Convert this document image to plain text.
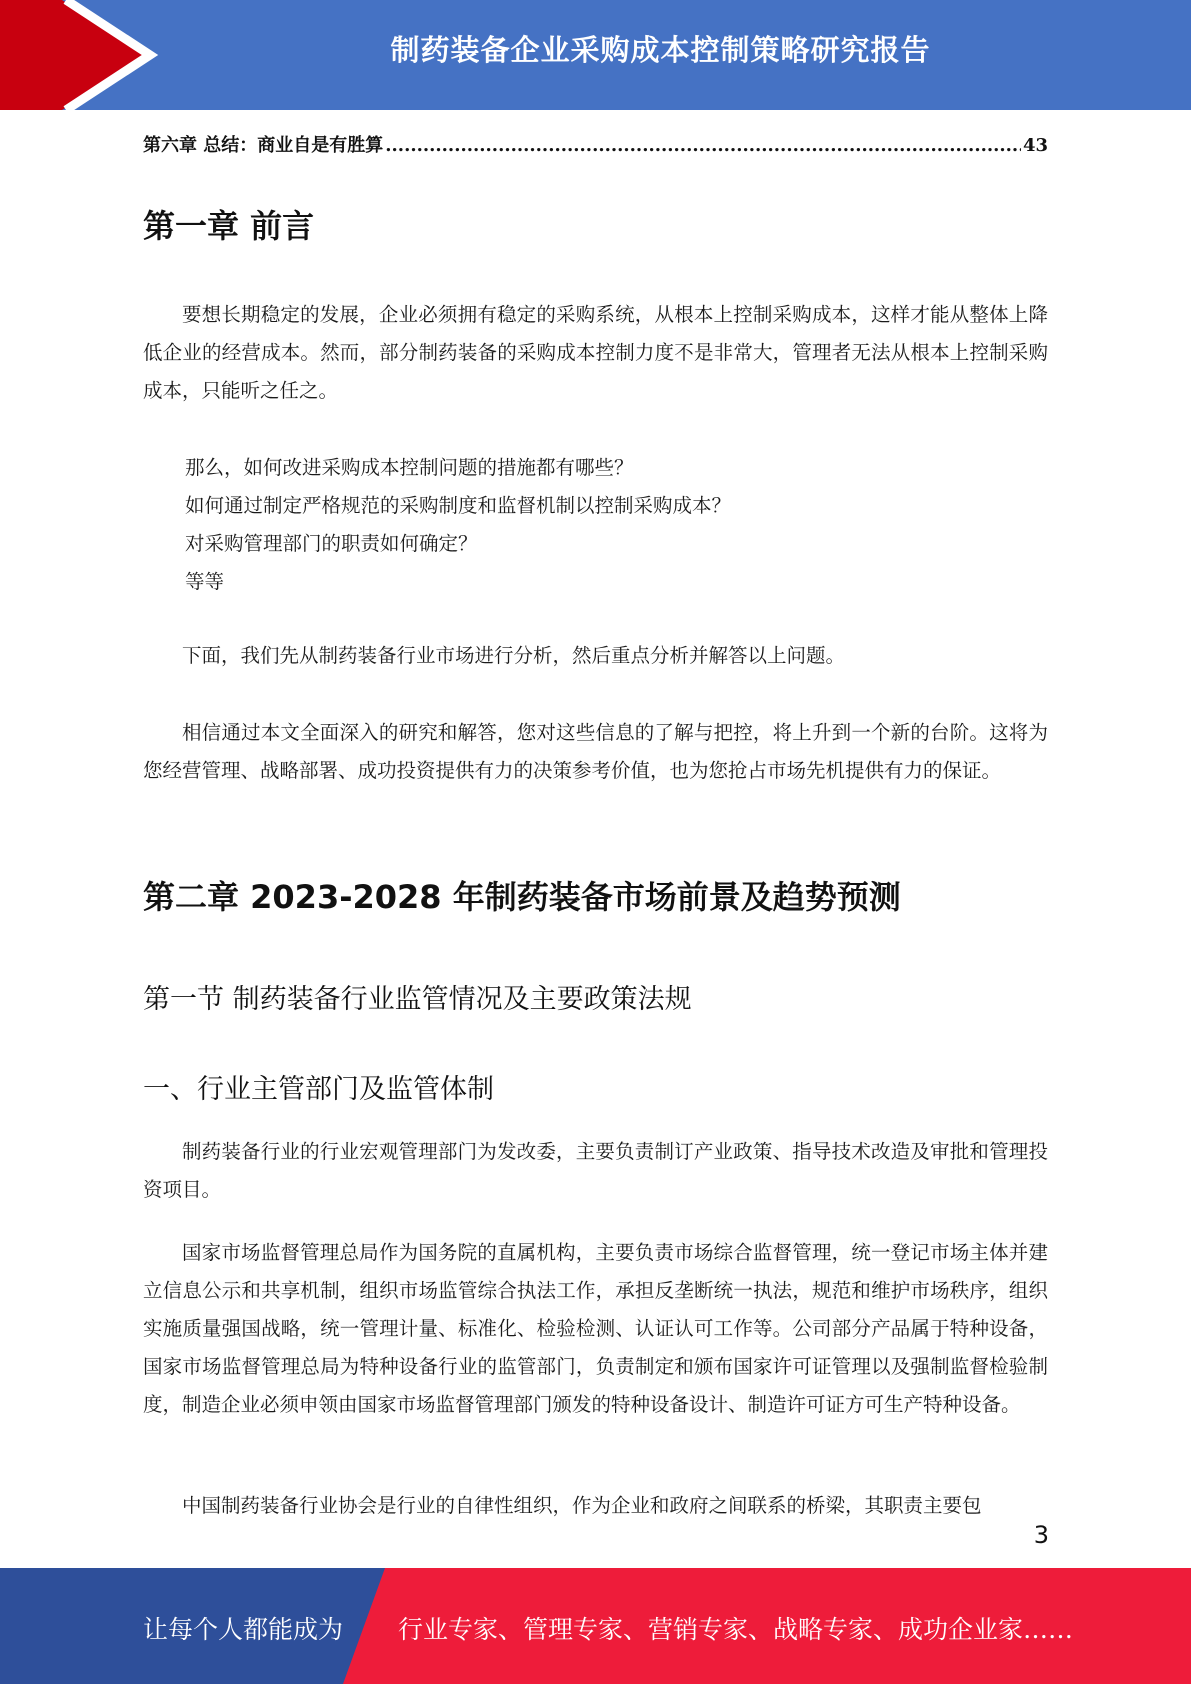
制药装备企业采购成本控制策略研究报告
第六章 总结：商业自是有胜算
.....	43
第一章 前言

要想长期稳定的发展，企业必须拥有稳定的采购系统，从根本上控制采购成本，这样才能从整体上降低企业的经营成本。然而，部分制药装备的采购成本控制力度不是非常大，管理者无法从根本上控制采购成本，只能听之任之。

那么，如何改进采购成本控制问题的措施都有哪些？
如何通过制定严格规范的采购制度和监督机制以控制采购成本？
对采购管理部门的职责如何确定？
等等

下面，我们先从制药装备行业市场进行分析，然后重点分析并解答以上问题。

相信通过本文全面深入的研究和解答，您对这些信息的了解与把控，将上升到一个新的台阶。这将为您经营管理、战略部署、成功投资提供有力的决策参考价值，也为您抢占市场先机提供有力的保证。

第二章 2023-2028 年制药装备市场前景及趋势预测
第一节 制药装备行业监管情况及主要政策法规
一、行业主管部门及监管体制

制药装备行业的行业宏观管理部门为发改委，主要负责制订产业政策、指导技术改造及审批和管理投资项目。

国家市场监督管理总局作为国务院的直属机构，主要负责市场综合监督管理，统一登记市场主体并建立信息公示和共享机制，组织市场监管综合执法工作，承担反垄断统一执法，规范和维护市场秩序，组织实施质量强国战略，统一管理计量、标准化、检验检测、认证认可工作等。公司部分产品属于特种设备，国家市场监督管理总局为特种设备行业的监管部门，负责制定和颁布国家许可证管理以及强制监督检验制度，制造企业必须申领由国家市场监督管理部门颁发的特种设备设计、制造许可证方可生产特种设备。

中国制药装备行业协会是行业的自律性组织，作为企业和政府之间联系的桥梁，其职责主要包

3
让每个人都能成为 行业专家、管理专家、营销专家、战略专家、成功企业家……
